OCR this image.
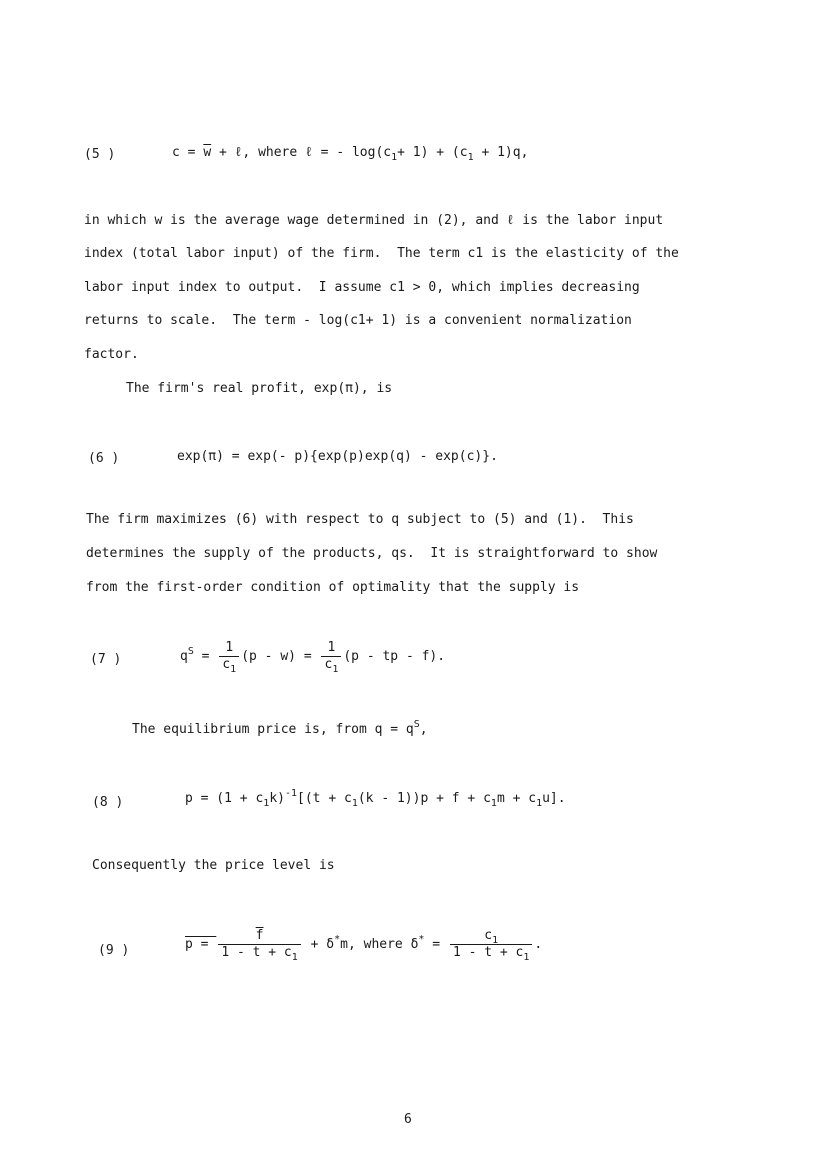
(5 )	$c = \overline{w}$ + ℓ, where ℓ = - $\log(c_1+ 1) + (c_1 + 1)q$,
in which w is the average wage determined in (2), and ℓ is the labor input
index (total labor input) of the firm.  The term c1 is the elasticity of the
labor input index to output.  I assume c1 > 0, which implies decreasing
returns to scale.  The term - log(c1+ 1) is a convenient normalization
factor.
The firm's real profit, exp(π), is
(6 )	exp(π) = exp(- p){exp(p)exp(q) - exp(c)}.
The firm maximizes (6) with respect to q subject to (5) and (1).  This
determines the supply of the products, qs.  It is straightforward to show
from the first-order condition of optimality that the supply is
(7 )	$q^S = \frac{1}{c_1} (p - w) = \frac{1}{c_1} (p$ - tp - f).
The equilibrium price is, from $q = q^S$,
(8 )	$p = (1 + c_1k)^{-1}[(t + c_1(k - 1))p + f + c_1m + c_1u]$.
Consequently the price level is
(9 )	$p = \frac{\overline{f}}{1 - t + c_1} + \delta^*m$, where $\delta^* = \frac{c_1}{1 - t + c_1}$ .
6
